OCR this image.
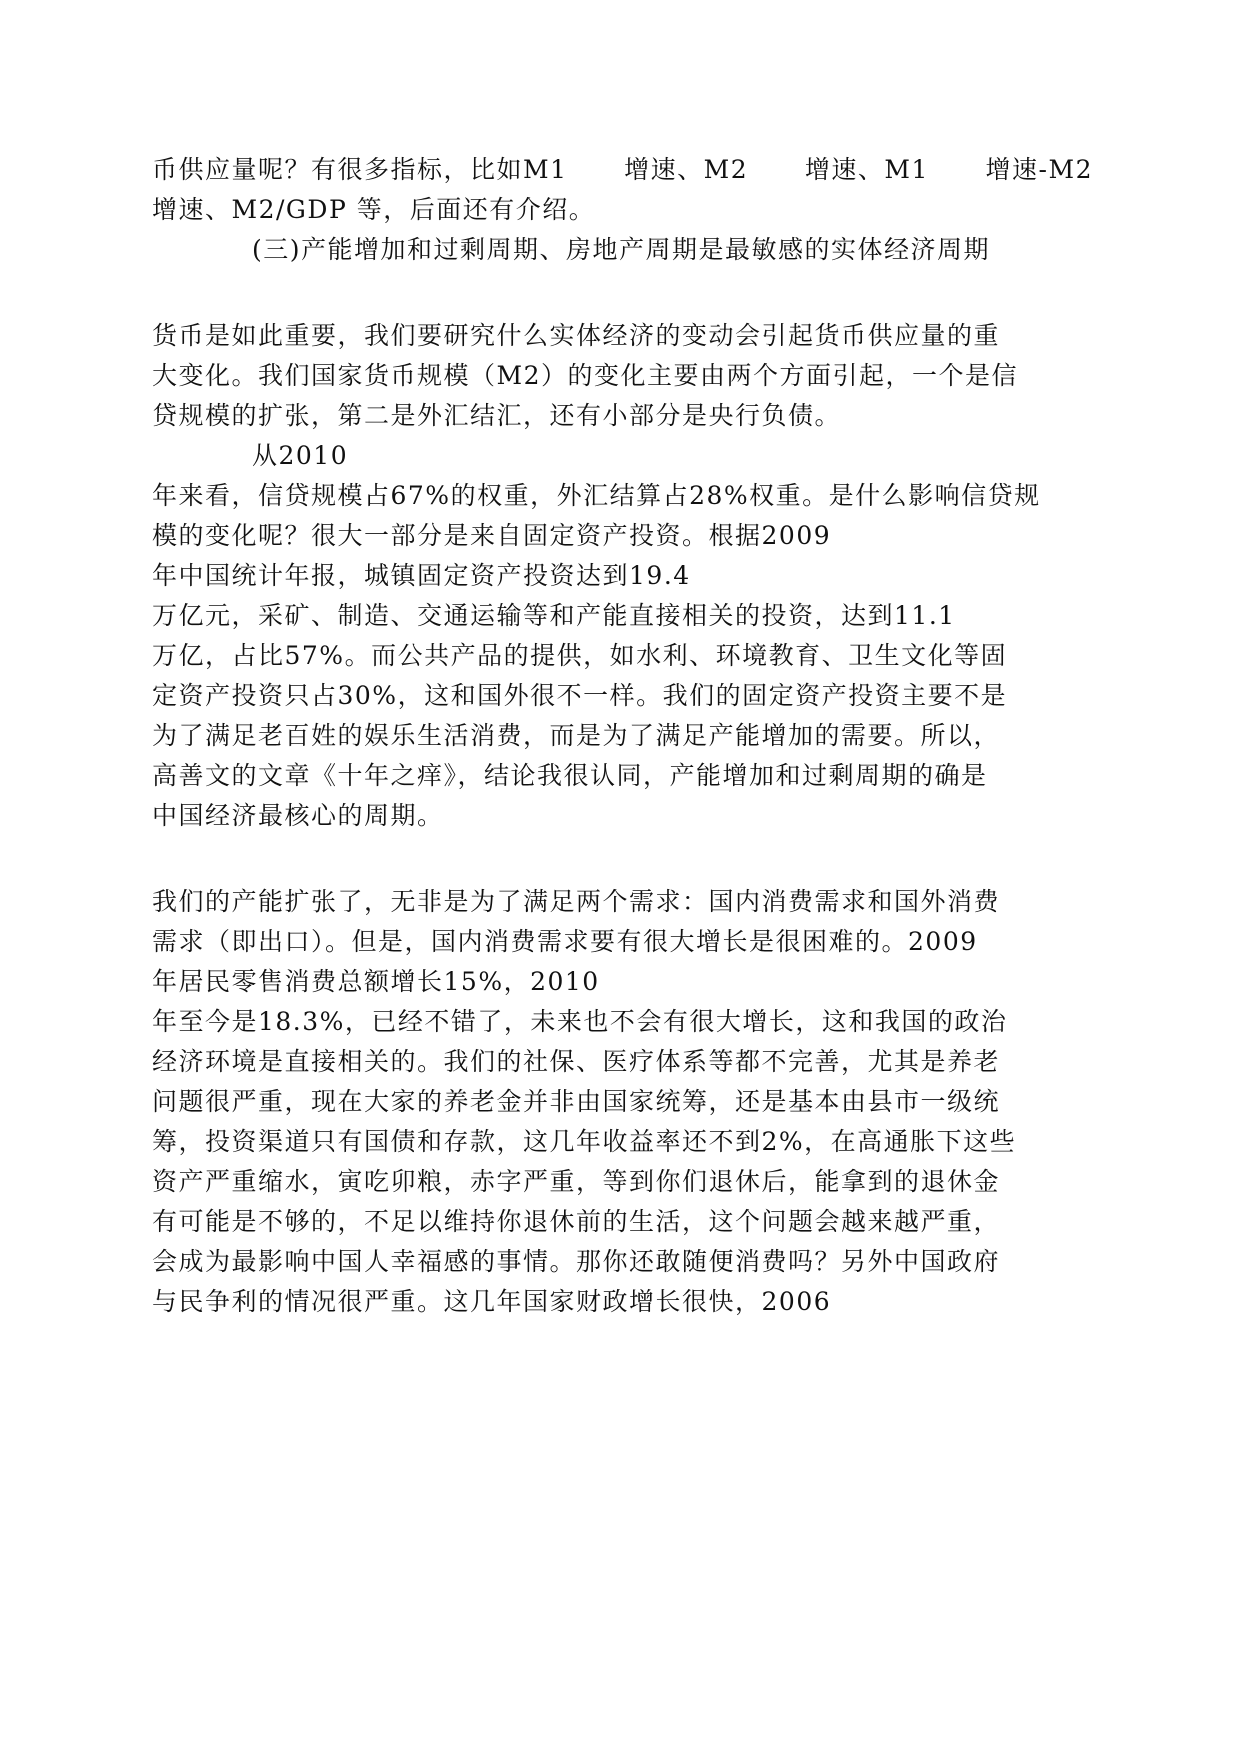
币供应量呢？有很多指标，比如M1      增速、M2      增速、M1      增速-M2
增速、M2/GDP 等，后面还有介绍。
(三)产能增加和过剩周期、房地产周期是最敏感的实体经济周期
货币是如此重要，我们要研究什么实体经济的变动会引起货币供应量的重
大变化。我们国家货币规模（M2）的变化主要由两个方面引起，一个是信
贷规模的扩张，第二是外汇结汇，还有小部分是央行负债。
从2010
年来看，信贷规模占67%的权重，外汇结算占28%权重。是什么影响信贷规
模的变化呢？很大一部分是来自固定资产投资。根据2009
年中国统计年报，城镇固定资产投资达到19.4
万亿元，采矿、制造、交通运输等和产能直接相关的投资，达到11.1
万亿，占比57%。而公共产品的提供，如水利、环境教育、卫生文化等固
定资产投资只占30%，这和国外很不一样。我们的固定资产投资主要不是
为了满足老百姓的娱乐生活消费，而是为了满足产能增加的需要。所以，
高善文的文章《十年之痒》，结论我很认同，产能增加和过剩周期的确是
中国经济最核心的周期。
我们的产能扩张了，无非是为了满足两个需求：国内消费需求和国外消费
需求（即出口）。但是，国内消费需求要有很大增长是很困难的。2009
年居民零售消费总额增长15%，2010
年至今是18.3%，已经不错了，未来也不会有很大增长，这和我国的政治
经济环境是直接相关的。我们的社保、医疗体系等都不完善，尤其是养老
问题很严重，现在大家的养老金并非由国家统筹，还是基本由县市一级统
筹，投资渠道只有国债和存款，这几年收益率还不到2%，在高通胀下这些
资产严重缩水，寅吃卯粮，赤字严重，等到你们退休后，能拿到的退休金
有可能是不够的，不足以维持你退休前的生活，这个问题会越来越严重，
会成为最影响中国人幸福感的事情。那你还敢随便消费吗？另外中国政府
与民争利的情况很严重。这几年国家财政增长很快，2006
